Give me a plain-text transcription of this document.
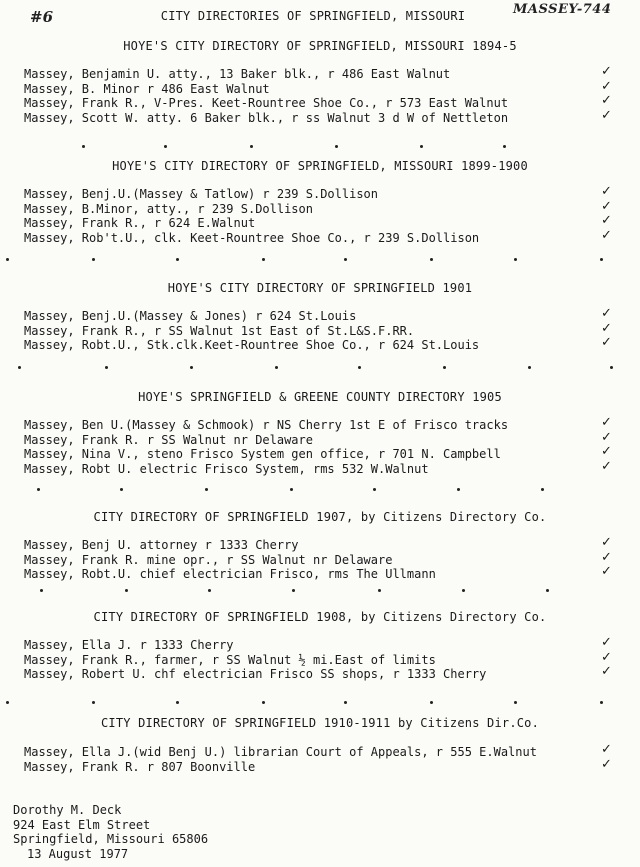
#6	MASSEY-744
CITY DIRECTORIES OF SPRINGFIELD, MISSOURI
HOYE'S CITY DIRECTORY OF SPRINGFIELD, MISSOURI 1894-5
Massey, Benjamin U. atty., 13 Baker blk., r 486 East Walnut	✓
Massey, B. Minor r 486 East Walnut	✓
Massey, Frank R., V-Pres. Keet-Rountree Shoe Co., r 573 East Walnut	✓
Massey, Scott W. atty. 6 Baker blk., r ss Walnut 3 d W of Nettleton	✓
HOYE'S CITY DIRECTORY OF SPRINGFIELD, MISSOURI 1899-1900
Massey, Benj.U.(Massey & Tatlow) r 239 S.Dollison	✓
Massey, B.Minor, atty., r 239 S.Dollison	✓
Massey, Frank R., r 624 E.Walnut	✓
Massey, Rob't.U., clk. Keet-Rountree Shoe Co., r 239 S.Dollison	✓
HOYE'S CITY DIRECTORY OF SPRINGFIELD 1901
Massey, Benj.U.(Massey & Jones) r 624 St.Louis	✓
Massey, Frank R., r SS Walnut 1st East of St.L&S.F.RR.	✓
Massey, Robt.U., Stk.clk.Keet-Rountree Shoe Co., r 624 St.Louis	✓
HOYE'S SPRINGFIELD & GREENE COUNTY DIRECTORY 1905
Massey, Ben U.(Massey & Schmook) r NS Cherry 1st E of Frisco tracks	✓
Massey, Frank R. r SS Walnut nr Delaware	✓
Massey, Nina V., steno Frisco System gen office, r 701 N. Campbell	✓
Massey, Robt U. electric Frisco System, rms 532 W.Walnut	✓
CITY DIRECTORY OF SPRINGFIELD 1907, by Citizens Directory Co.
Massey, Benj U. attorney r 1333 Cherry	✓
Massey, Frank R. mine opr., r SS Walnut nr Delaware	✓
Massey, Robt.U. chief electrician Frisco, rms The Ullmann	✓
CITY DIRECTORY OF SPRINGFIELD 1908, by Citizens Directory Co.
Massey, Ella J. r 1333 Cherry	✓
Massey, Frank R., farmer, r SS Walnut ½ mi.East of limits	✓
Massey, Robert U. chf electrician Frisco SS shops, r 1333 Cherry	✓
CITY DIRECTORY OF SPRINGFIELD 1910-1911 by Citizens Dir.Co.
Massey, Ella J.(wid Benj U.) librarian Court of Appeals, r 555 E.Walnut	✓
Massey, Frank R. r 807 Boonville	✓
Dorothy M. Deck
924 East Elm Street
Springfield, Missouri 65806
13 August 1977
